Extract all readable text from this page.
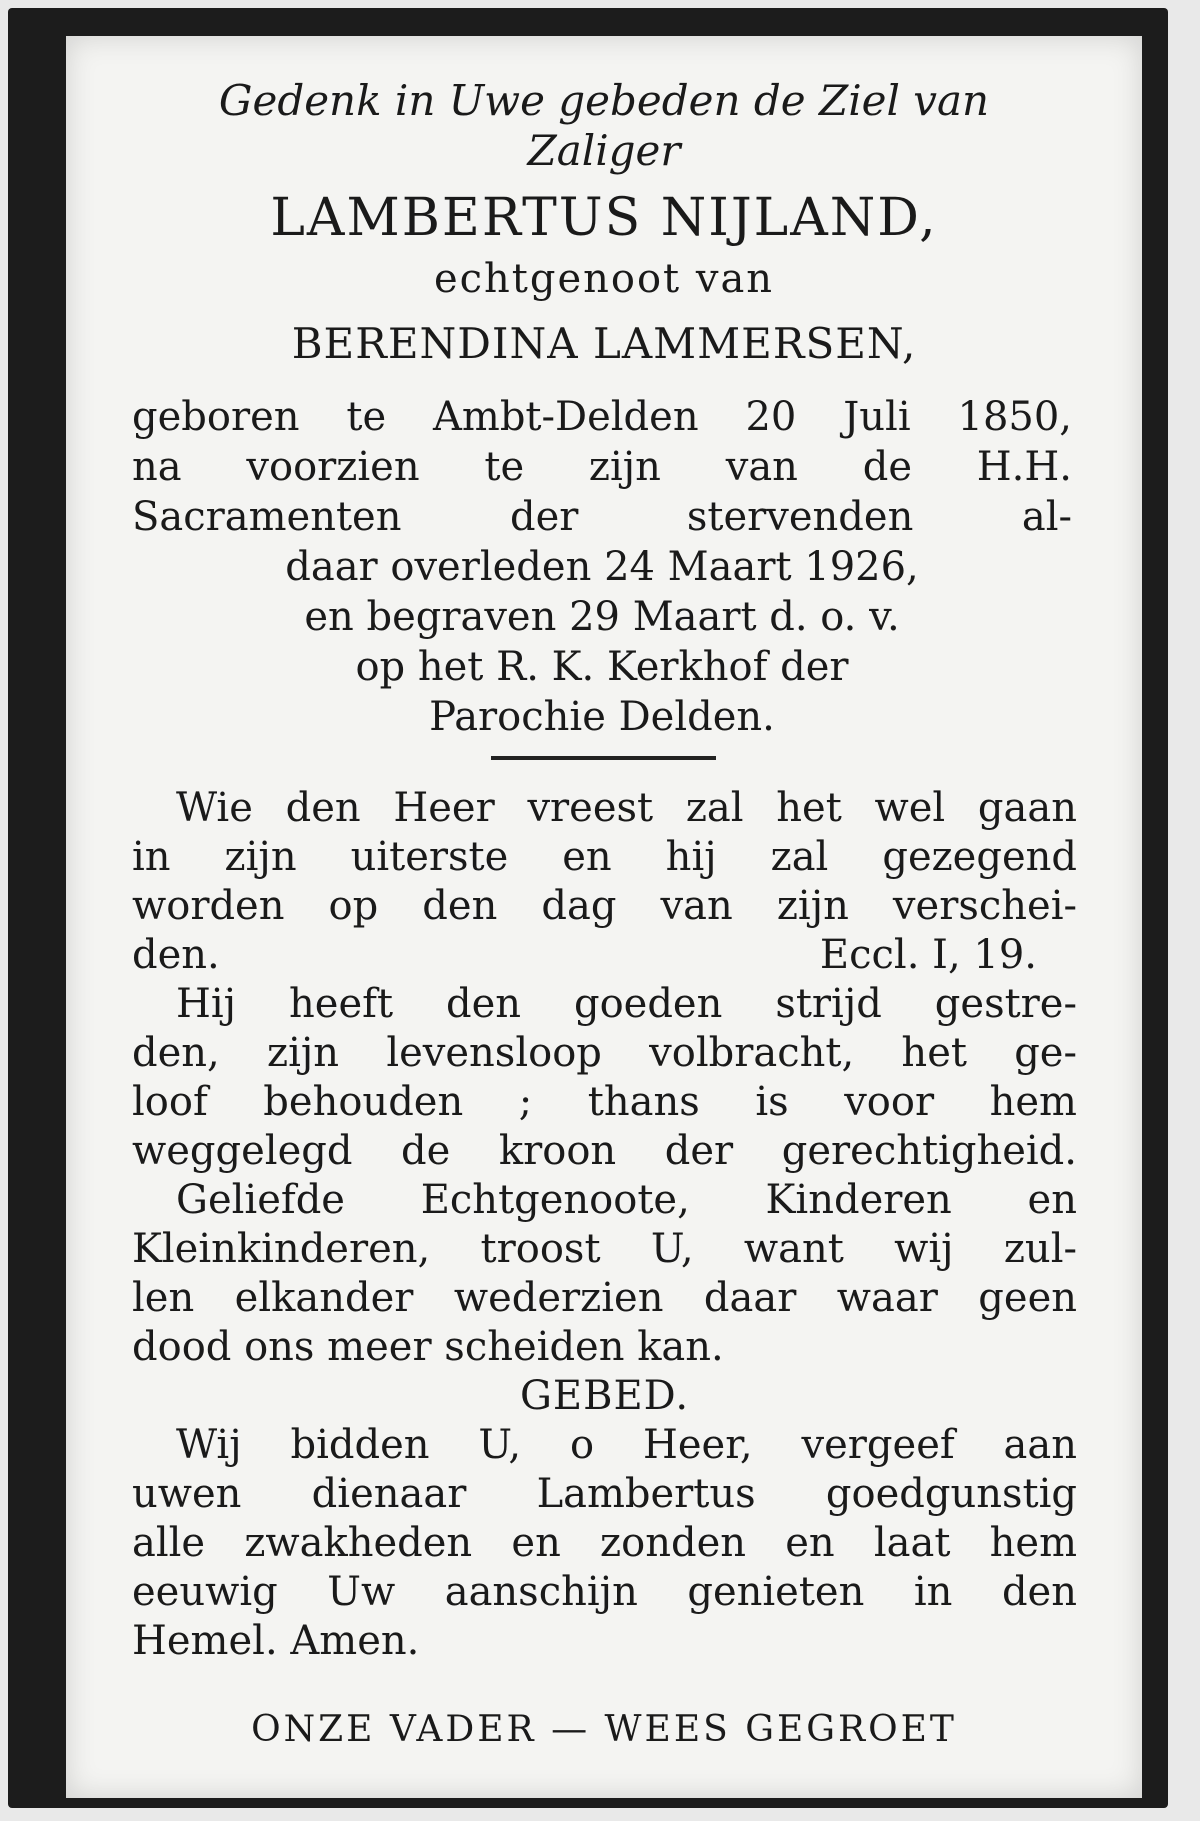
Gedenk in Uwe gebeden de Ziel van
Zaliger
LAMBERTUS NIJLAND,
echtgenoot van
BERENDINA LAMMERSEN,
geboren te Ambt-Delden 20 Juli 1850,
na voorzien te zijn van de H.H.
Sacramenten der stervenden al-
daar overleden 24 Maart 1926,
en begraven 29 Maart d. o. v.
op het R. K. Kerkhof der
Parochie Delden.
Wie den Heer vreest zal het wel gaan
in zijn uiterste en hij zal gezegend
worden op den dag van zijn verschei-
den.	Eccl. I, 19.
Hij heeft den goeden strijd gestre-
den, zijn levensloop volbracht, het ge-
loof behouden ; thans is voor hem
weggelegd de kroon der gerechtigheid.
Geliefde Echtgenoote, Kinderen en
Kleinkinderen, troost U, want wij zul-
len elkander wederzien daar waar geen
dood ons meer scheiden kan.
GEBED.
Wij bidden U, o Heer, vergeef aan
uwen dienaar Lambertus goedgunstig
alle zwakheden en zonden en laat hem
eeuwig Uw aanschijn genieten in den
Hemel. Amen.
ONZE VADER — WEES GEGROET
